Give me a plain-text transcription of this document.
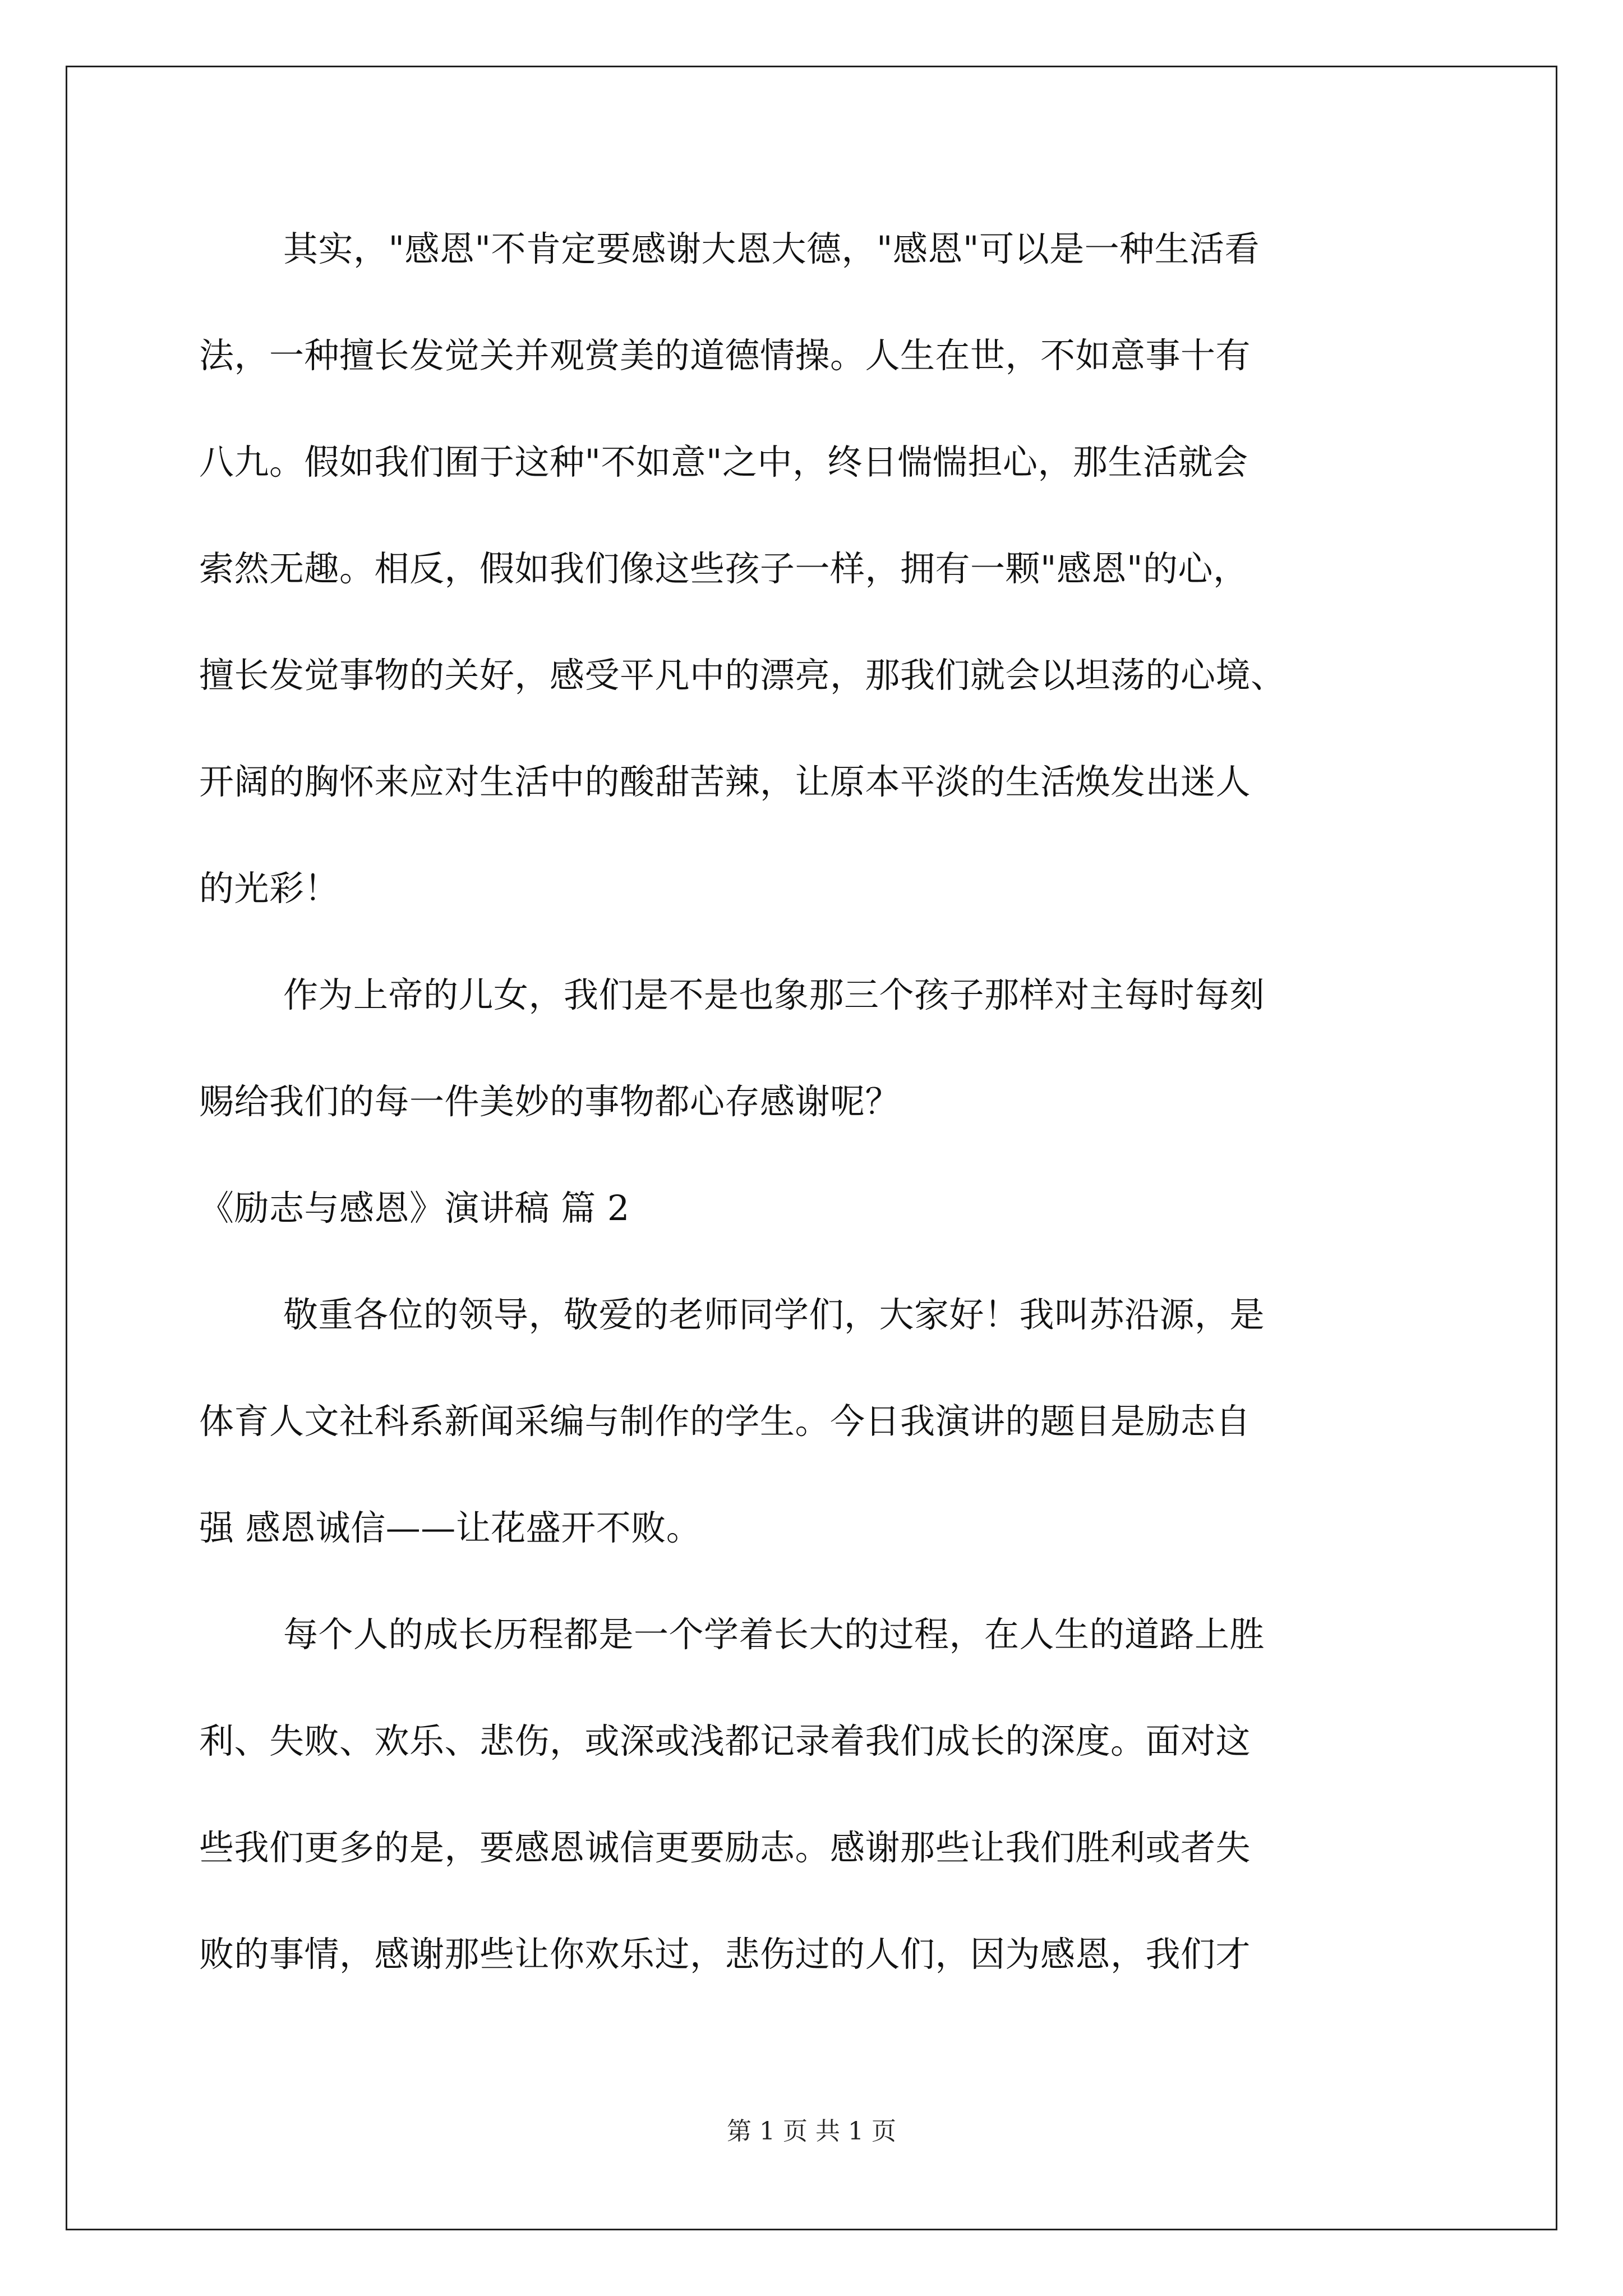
其实，"感恩"不肯定要感谢大恩大德，"感恩"可以是一种生活看
法，一种擅长发觉关并观赏美的道德情操。人生在世，不如意事十有
八九。假如我们囿于这种"不如意"之中，终日惴惴担心，那生活就会
索然无趣。相反，假如我们像这些孩子一样，拥有一颗"感恩"的心，
擅长发觉事物的关好，感受平凡中的漂亮，那我们就会以坦荡的心境、
开阔的胸怀来应对生活中的酸甜苦辣，让原本平淡的生活焕发出迷人
的光彩！
作为上帝的儿女，我们是不是也象那三个孩子那样对主每时每刻
赐给我们的每一件美妙的事物都心存感谢呢？
《励志与感恩》演讲稿 篇 2
敬重各位的领导，敬爱的老师同学们，大家好！我叫苏沿源，是
体育人文社科系新闻采编与制作的学生。今日我演讲的题目是励志自
强 感恩诚信——让花盛开不败。
每个人的成长历程都是一个学着长大的过程，在人生的道路上胜
利、失败、欢乐、悲伤，或深或浅都记录着我们成长的深度。面对这
些我们更多的是，要感恩诚信更要励志。感谢那些让我们胜利或者失
败的事情，感谢那些让你欢乐过，悲伤过的人们，因为感恩，我们才
第 1 页 共 1 页
